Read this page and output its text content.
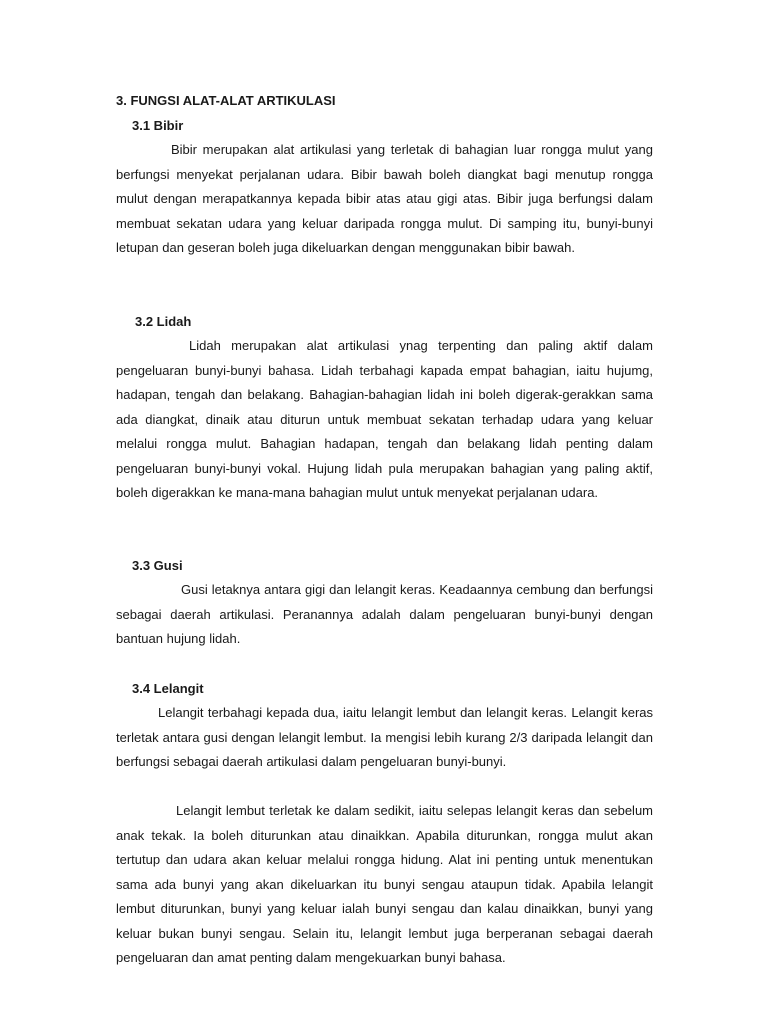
3. FUNGSI ALAT-ALAT ARTIKULASI
3.1 Bibir

Bibir merupakan alat artikulasi yang terletak di bahagian luar rongga mulut yang berfungsi menyekat perjalanan udara. Bibir bawah boleh diangkat bagi menutup rongga mulut dengan merapatkannya kepada bibir atas atau gigi atas. Bibir juga berfungsi dalam membuat sekatan udara yang keluar daripada rongga mulut. Di samping itu, bunyi-bunyi letupan dan geseran boleh juga dikeluarkan dengan menggunakan bibir bawah.

3.2 Lidah

Lidah merupakan alat artikulasi ynag terpenting dan paling aktif dalam pengeluaran bunyi-bunyi bahasa. Lidah terbahagi kapada empat bahagian, iaitu hujumg, hadapan, tengah dan belakang. Bahagian-bahagian lidah ini boleh digerak-gerakkan sama ada diangkat, dinaik atau diturun untuk membuat sekatan terhadap udara yang keluar melalui rongga mulut. Bahagian hadapan, tengah dan belakang lidah penting dalam pengeluaran bunyi-bunyi vokal. Hujung lidah pula merupakan bahagian yang paling aktif, boleh digerakkan ke mana-mana bahagian mulut untuk menyekat perjalanan udara.

3.3 Gusi

Gusi letaknya antara gigi dan lelangit keras. Keadaannya cembung dan berfungsi sebagai daerah artikulasi. Peranannya adalah dalam pengeluaran bunyi-bunyi dengan bantuan hujung lidah.

3.4 Lelangit

Lelangit terbahagi kepada dua, iaitu lelangit lembut dan lelangit keras. Lelangit keras terletak antara gusi dengan lelangit lembut. Ia mengisi lebih kurang 2/3 daripada lelangit dan berfungsi sebagai daerah artikulasi dalam pengeluaran bunyi-bunyi.

Lelangit lembut terletak ke dalam sedikit, iaitu selepas lelangit keras dan sebelum anak tekak. Ia boleh diturunkan atau dinaikkan. Apabila diturunkan, rongga mulut akan tertutup dan udara akan keluar melalui rongga hidung. Alat ini penting untuk menentukan sama ada bunyi yang akan dikeluarkan itu bunyi sengau ataupun tidak. Apabila lelangit lembut diturunkan, bunyi yang keluar ialah bunyi sengau dan kalau dinaikkan, bunyi yang keluar bukan bunyi sengau. Selain itu, lelangit lembut juga berperanan sebagai daerah pengeluaran dan amat penting dalam mengekuarkan bunyi bahasa.
